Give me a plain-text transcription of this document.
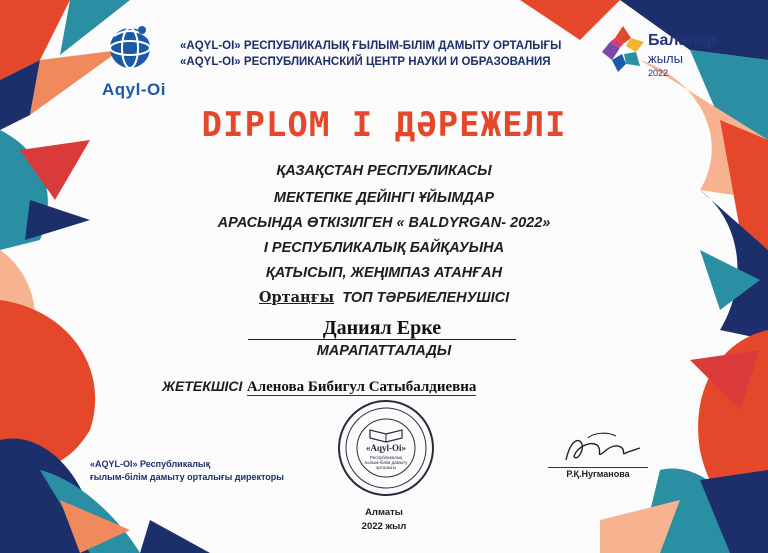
Aqyl-Oi
«AQYL-OI» РЕСПУБЛИКАЛЫҚ ҒЫЛЫМ-БІЛІМ ДАМЫТУ ОРТАЛЫҒЫ
«AQYL-OI» РЕСПУБЛИКАНСКИЙ ЦЕНТР НАУКИ И ОБРАЗОВАНИЯ
Балалар
жылы
2022
DIPLOM I ДӘРЕЖЕЛІ
ҚАЗАҚСТАН РЕСПУБЛИКАСЫ
МЕКТЕПКЕ ДЕЙІНГІ ҰЙЫМДАР
АРАСЫНДА ӨТКІЗІЛГЕН « BALDYRGAN- 2022»
І РЕСПУБЛИКАЛЫҚ БАЙҚАУЫНА
ҚАТЫСЫП, ЖЕҢІМПАЗ АТАНҒАН
Ортаңғы ТОП ТӘРБИЕЛЕНУШІСІ
Даниял Ерке
МАРАПАТТАЛАДЫ
ЖЕТЕКШІСІ Аленова Бибигул Сатыбалдиевна
«AQYL-OI» Республикалық
ғылым-білім дамыту орталығы директоры
«Aqyl-Oi»
Республикалық
ғылым-білім дамыту
орталығы
Р.Қ.Нугманова
Алматы
2022 жыл
